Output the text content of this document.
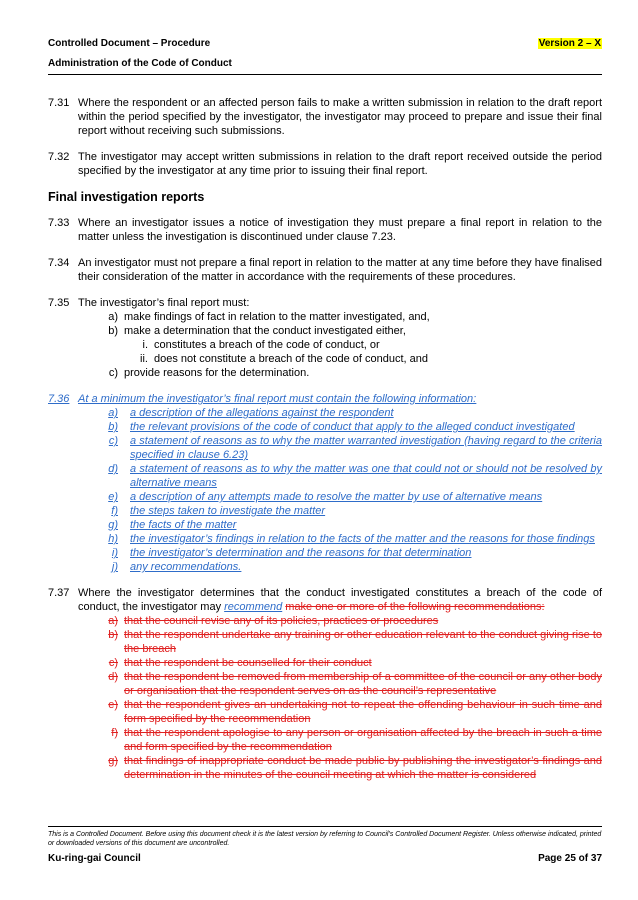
Controlled Document – Procedure
Administration of the Code of Conduct
Version 2 – X
7.31 Where the respondent or an affected person fails to make a written submission in relation to the draft report within the period specified by the investigator, the investigator may proceed to prepare and issue their final report without receiving such submissions.
7.32 The investigator may accept written submissions in relation to the draft report received outside the period specified by the investigator at any time prior to issuing their final report.
Final investigation reports
7.33 Where an investigator issues a notice of investigation they must prepare a final report in relation to the matter unless the investigation is discontinued under clause 7.23.
7.34 An investigator must not prepare a final report in relation to the matter at any time before they have finalised their consideration of the matter in accordance with the requirements of these procedures.
7.35 The investigator’s final report must:
a) make findings of fact in relation to the matter investigated, and,
b) make a determination that the conduct investigated either,
i. constitutes a breach of the code of conduct, or
ii. does not constitute a breach of the code of conduct, and
c) provide reasons for the determination.
7.36 At a minimum the investigator’s final report must contain the following information:
a)	a description of the allegations against the respondent
b)	the relevant provisions of the code of conduct that apply to the alleged conduct investigated
c)	a statement of reasons as to why the matter warranted investigation (having regard to the criteria specified in clause 6.23)
d)	a statement of reasons as to why the matter was one that could not or should not be resolved by alternative means
e)	a description of any attempts made to resolve the matter by use of alternative means
f)	the steps taken to investigate the matter
g)	the facts of the matter
h)	the investigator’s findings in relation to the facts of the matter and the reasons for those findings
i)	the investigator’s determination and the reasons for that determination
j)	any recommendations.
7.37 Where the investigator determines that the conduct investigated constitutes a breach of the code of conduct, the investigator may recommend make one or more of the following recommendations:
a) that the council revise any of its policies, practices or procedures
b) that the respondent undertake any training or other education relevant to the conduct giving rise to the breach
c) that the respondent be counselled for their conduct
d) that the respondent be removed from membership of a committee of the council or any other body or organisation that the respondent serves on as the council’s representative
e) that the respondent gives an undertaking not to repeat the offending behaviour in such time and form specified by the recommendation
f) that the respondent apologise to any person or organisation affected by the breach in such a time and form specified by the recommendation
g) that findings of inappropriate conduct be made public by publishing the investigator’s findings and determination in the minutes of the council meeting at which the matter is considered
This is a Controlled Document. Before using this document check it is the latest version by referring to Council’s Controlled Document Register. Unless otherwise indicated, printed or downloaded versions of this document are uncontrolled.
Ku-ring-gai Council	Page 25 of 37
